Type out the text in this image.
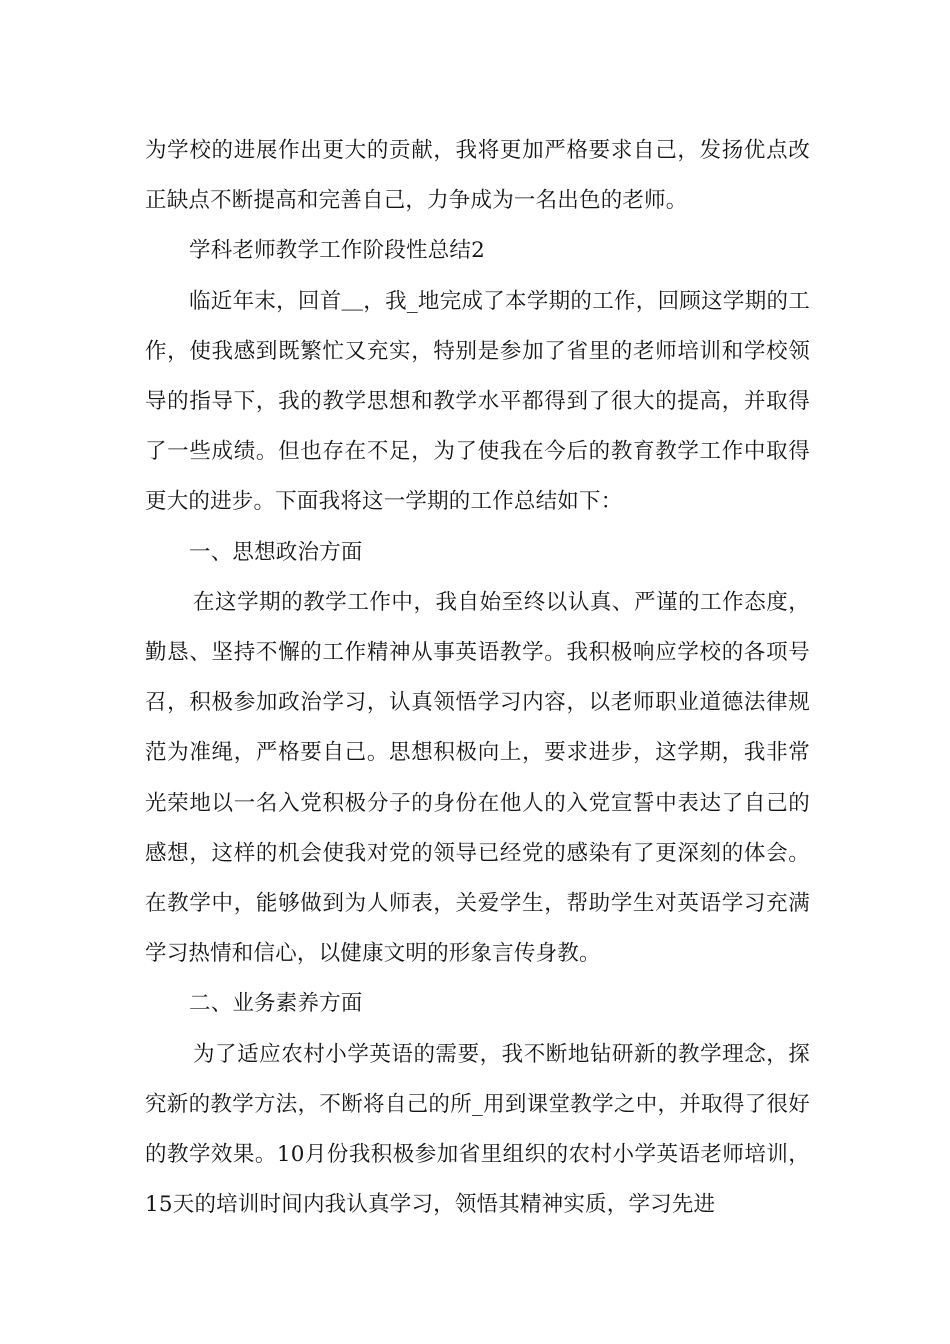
为学校的进展作出更大的贡献，我将更加严格要求自己，发扬优点改正缺点不断提高和完善自己，力争成为一名出色的老师。

学科老师教学工作阶段性总结2

临近年末，回首＿，我_地完成了本学期的工作，回顾这学期的工作，使我感到既繁忙又充实，特别是参加了省里的老师培训和学校领导的指导下，我的教学思想和教学水平都得到了很大的提高，并取得了一些成绩。但也存在不足，为了使我在今后的教育教学工作中取得更大的进步。下面我将这一学期的工作总结如下：

一、思想政治方面

在这学期的教学工作中，我自始至终以认真、严谨的工作态度，勤恳、坚持不懈的工作精神从事英语教学。我积极响应学校的各项号召，积极参加政治学习，认真领悟学习内容，以老师职业道德法律规范为准绳，严格要自己。思想积极向上，要求进步，这学期，我非常光荣地以一名入党积极分子的身份在他人的入党宣誓中表达了自己的感想，这样的机会使我对党的领导已经党的感染有了更深刻的体会。在教学中，能够做到为人师表，关爱学生，帮助学生对英语学习充满学习热情和信心，以健康文明的形象言传身教。

二、业务素养方面

为了适应农村小学英语的需要，我不断地钻研新的教学理念，探究新的教学方法，不断将自己的所_用到课堂教学之中，并取得了很好的教学效果。10月份我积极参加省里组织的农村小学英语老师培训，15天的培训时间内我认真学习，领悟其精神实质，学习先进
